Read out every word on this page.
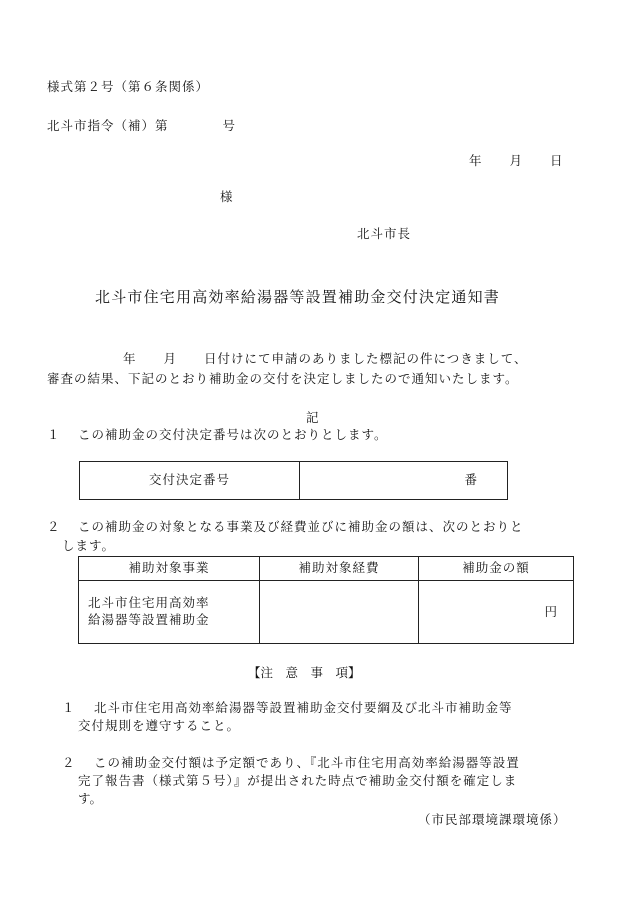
様式第２号（第６条関係）
北斗市指令（補）第　　　　号
年　　月　　日
様
北斗市長
北斗市住宅用高効率給湯器等設置補助金交付決定通知書
年　　月　　日付けにて申請のありました標記の件につきまして、
審査の結果、下記のとおり補助金の交付を決定しましたので通知いたします。
記
１ この補助金の交付決定番号は次のとおりとします。
交付決定番号	番
２ この補助金の対象となる事業及び経費並びに補助金の額は、次のとおりと
します。
補助対象事業	補助対象経費	補助金の額

北斗市住宅用高効率
給湯器等設置補助金		円
【注　意　事　項】
１ 北斗市住宅用高効率給湯器等設置補助金交付要綱及び北斗市補助金等
交付規則を遵守すること。
２ この補助金交付額は予定額であり、『北斗市住宅用高効率給湯器等設置
完了報告書（様式第５号）』が提出された時点で補助金交付額を確定しま
す。
（市民部環境課環境係）
